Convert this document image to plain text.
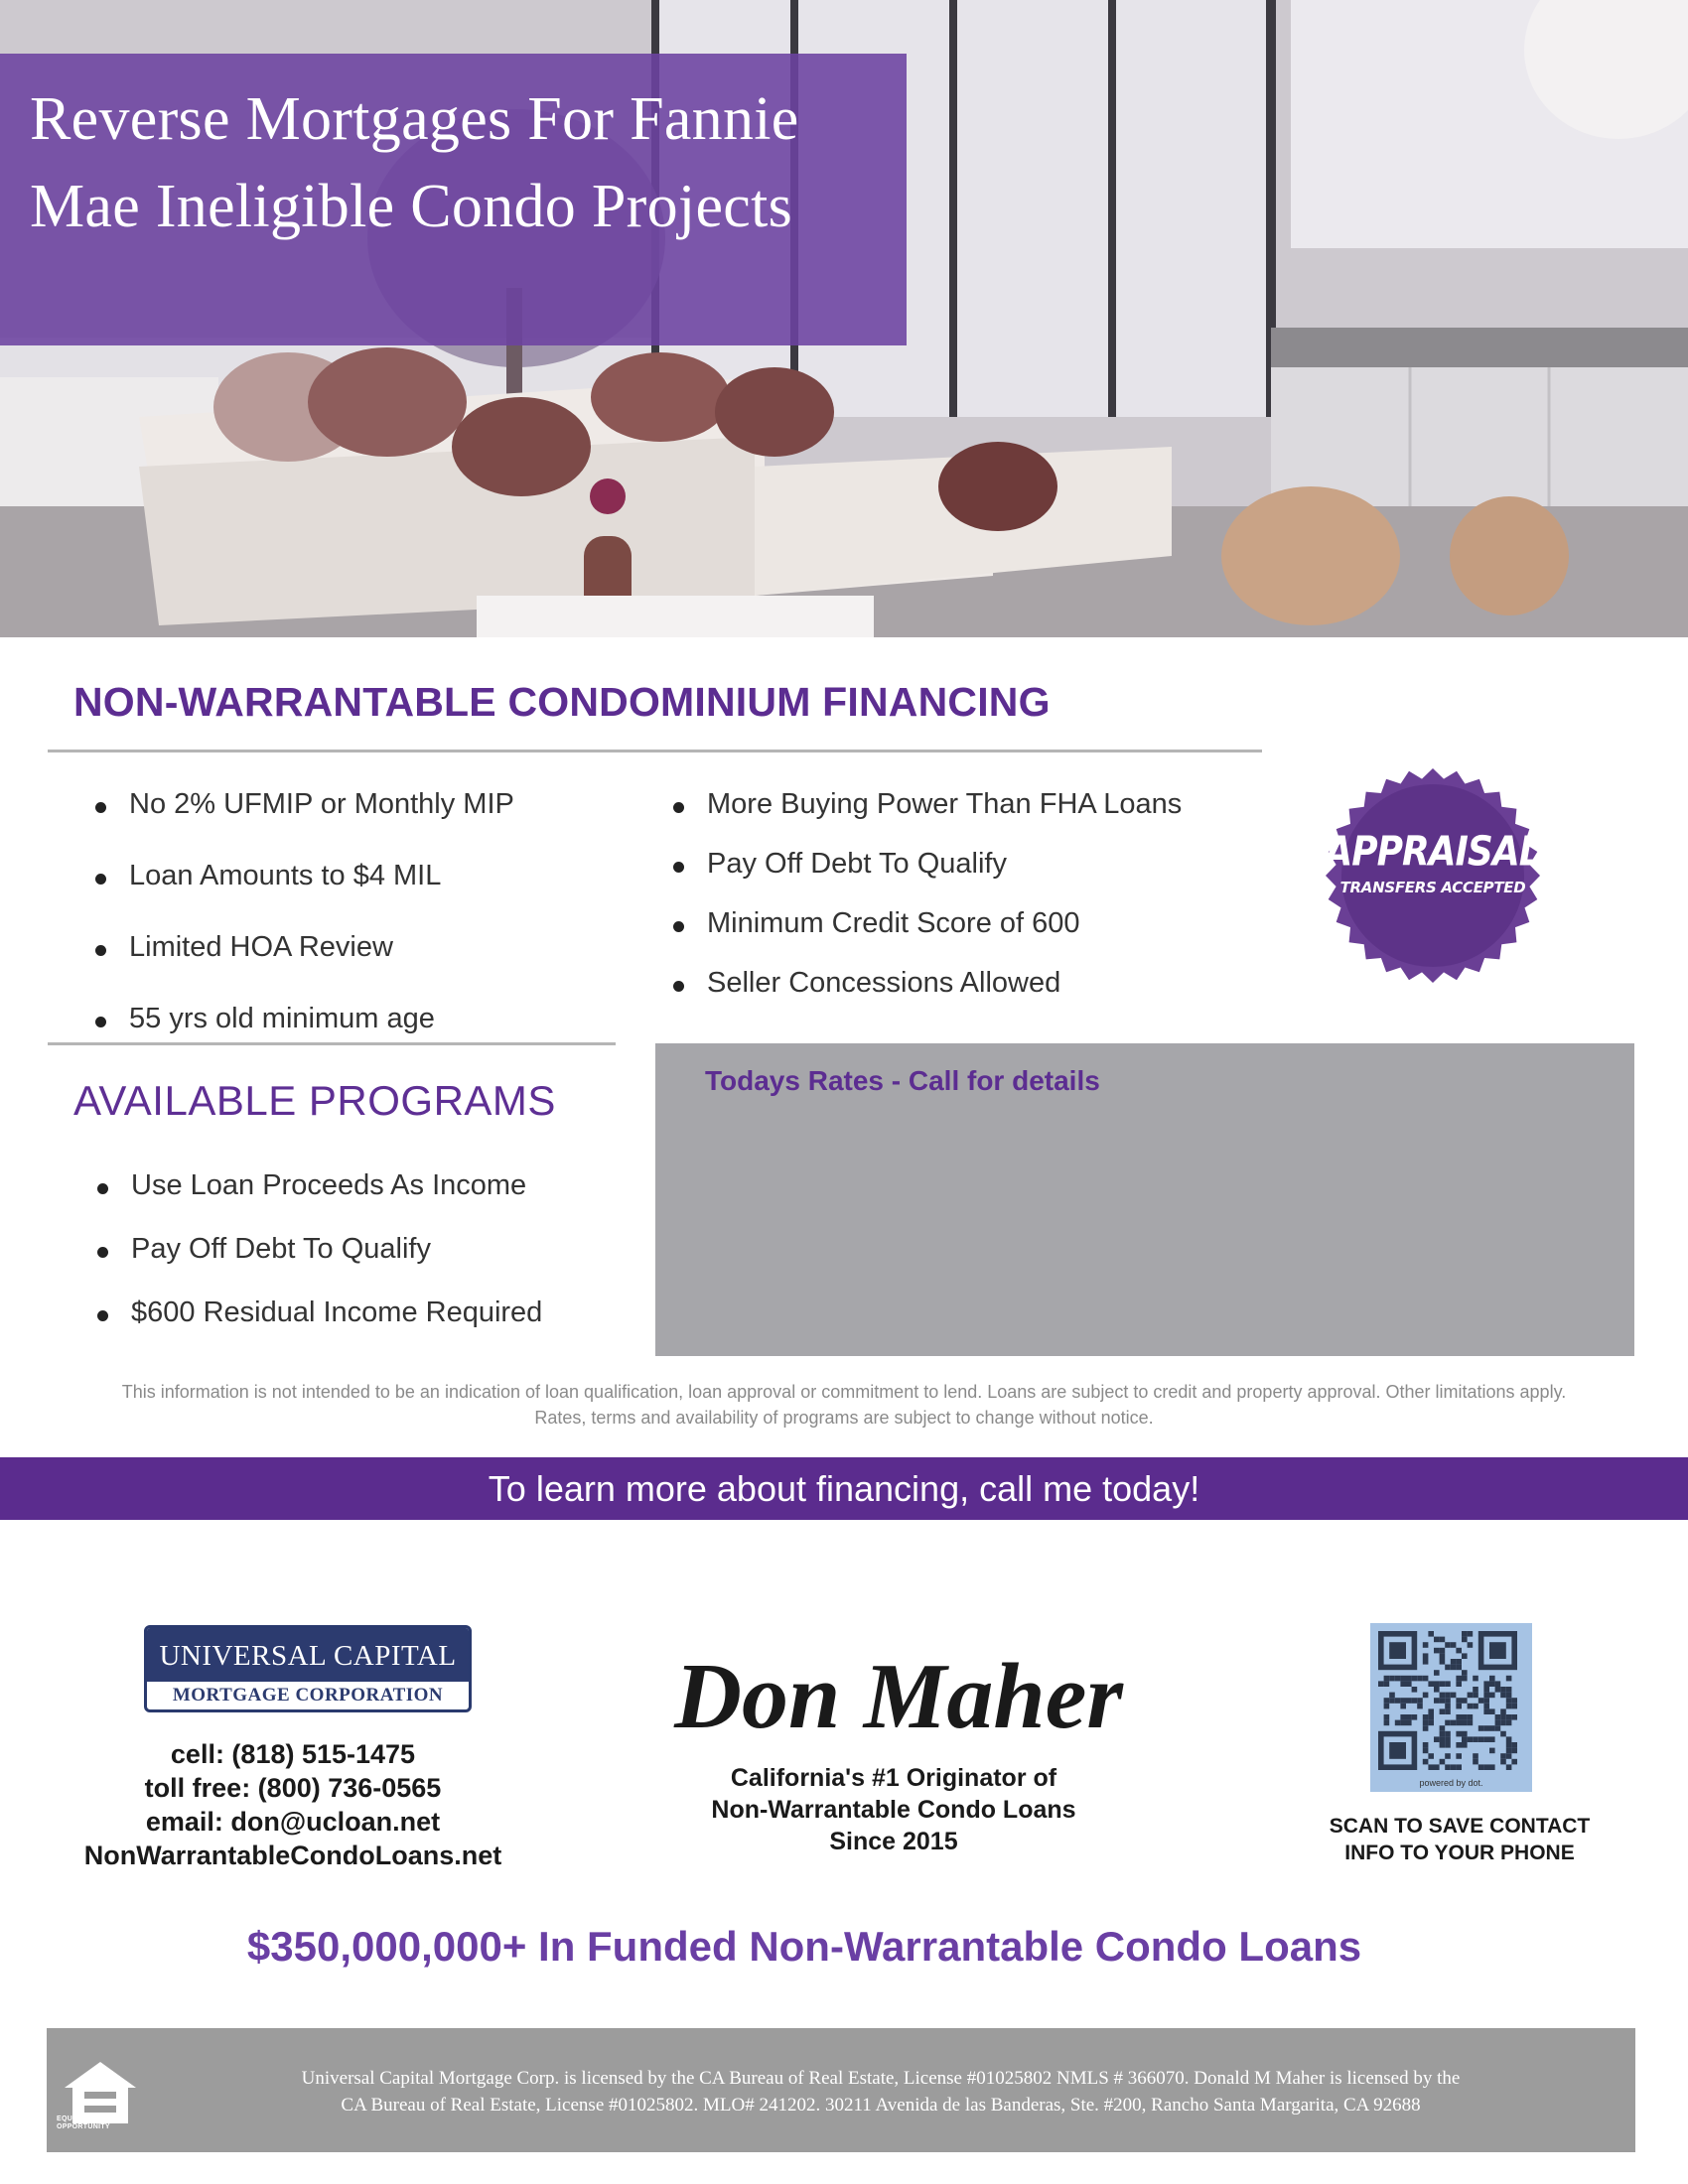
Reverse Mortgages For Fannie
Mae Ineligible Condo Projects
NON-WARRANTABLE CONDOMINIUM FINANCING
No 2% UFMIP or Monthly MIP
Loan Amounts to $4 MIL
Limited HOA Review
55 yrs old minimum age
More Buying Power Than FHA Loans
Pay Off Debt To Qualify
Minimum Credit Score of 600
Seller Concessions Allowed
APPRAISAL
TRANSFERS ACCEPTED
AVAILABLE PROGRAMS
Use Loan Proceeds As Income
Pay Off Debt To Qualify
$600 Residual Income Required
Todays Rates - Call for details
This information is not intended to be an indication of loan qualification, loan approval or commitment to lend. Loans are subject to credit and property approval. Other limitations apply.
Rates, terms and availability of programs are subject to change without notice.
To learn more about financing, call me today!
UNIVERSAL CAPITAL
MORTGAGE CORPORATION
cell: (818) 515-1475
toll free: (800) 736-0565
email: don@ucloan.net
NonWarrantableCondoLoans.net
Don Maher
California's #1 Originator of
Non-Warrantable Condo Loans
Since 2015
powered by dot.
SCAN TO SAVE CONTACT
INFO TO YOUR PHONE
$350,000,000+ In Funded Non-Warrantable Condo Loans
EQUAL HOUSING
OPPORTUNITY
Universal Capital Mortgage Corp. is licensed by the CA Bureau of Real Estate, License #01025802 NMLS # 366070. Donald M Maher is licensed by the
CA Bureau of Real Estate, License #01025802. MLO# 241202. 30211 Avenida de las Banderas, Ste. #200, Rancho Santa Margarita, CA 92688
